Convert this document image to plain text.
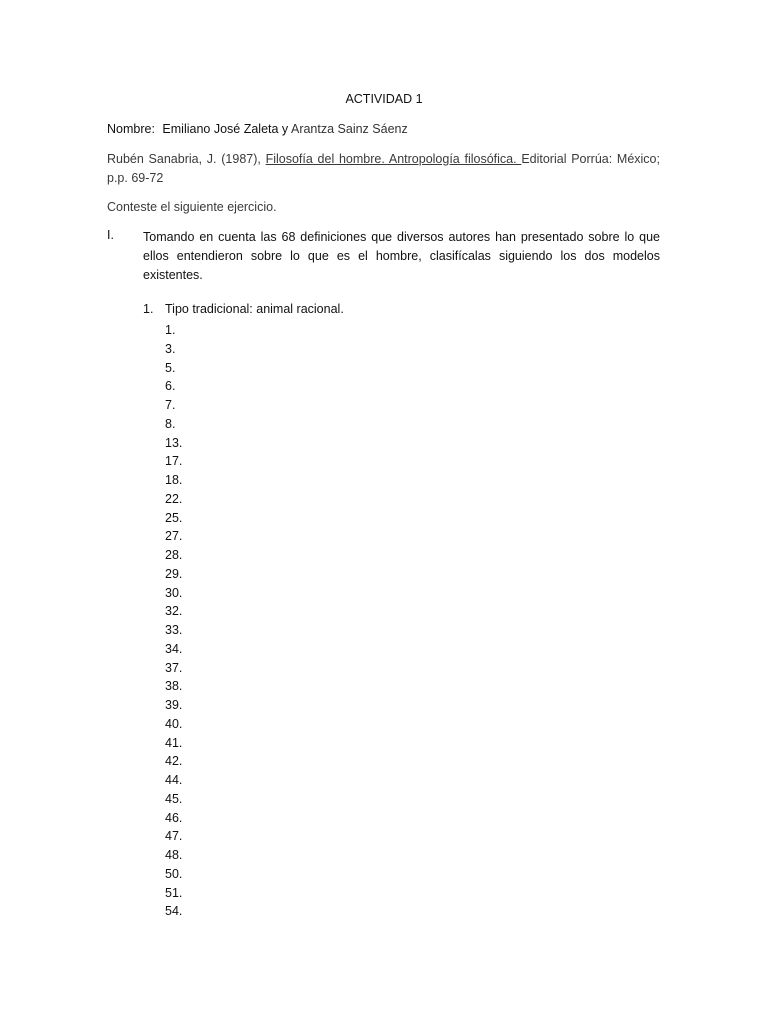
ACTIVIDAD 1
Nombre: Emiliano José Zaleta y Arantza Sainz Sáenz
Rubén Sanabria, J. (1987), Filosofía del hombre. Antropología filosófica. Editorial Porrúa: México; p.p. 69-72
Conteste el siguiente ejercicio.
I. Tomando en cuenta las 68 definiciones que diversos autores han presentado sobre lo que ellos entendieron sobre lo que es el hombre, clasifícalas siguiendo los dos modelos existentes.
1. Tipo tradicional: animal racional.
1.
3.
5.
6.
7.
8.
13.
17.
18.
22.
25.
27.
28.
29.
30.
32.
33.
34.
37.
38.
39.
40.
41.
42.
44.
45.
46.
47.
48.
50.
51.
54.
